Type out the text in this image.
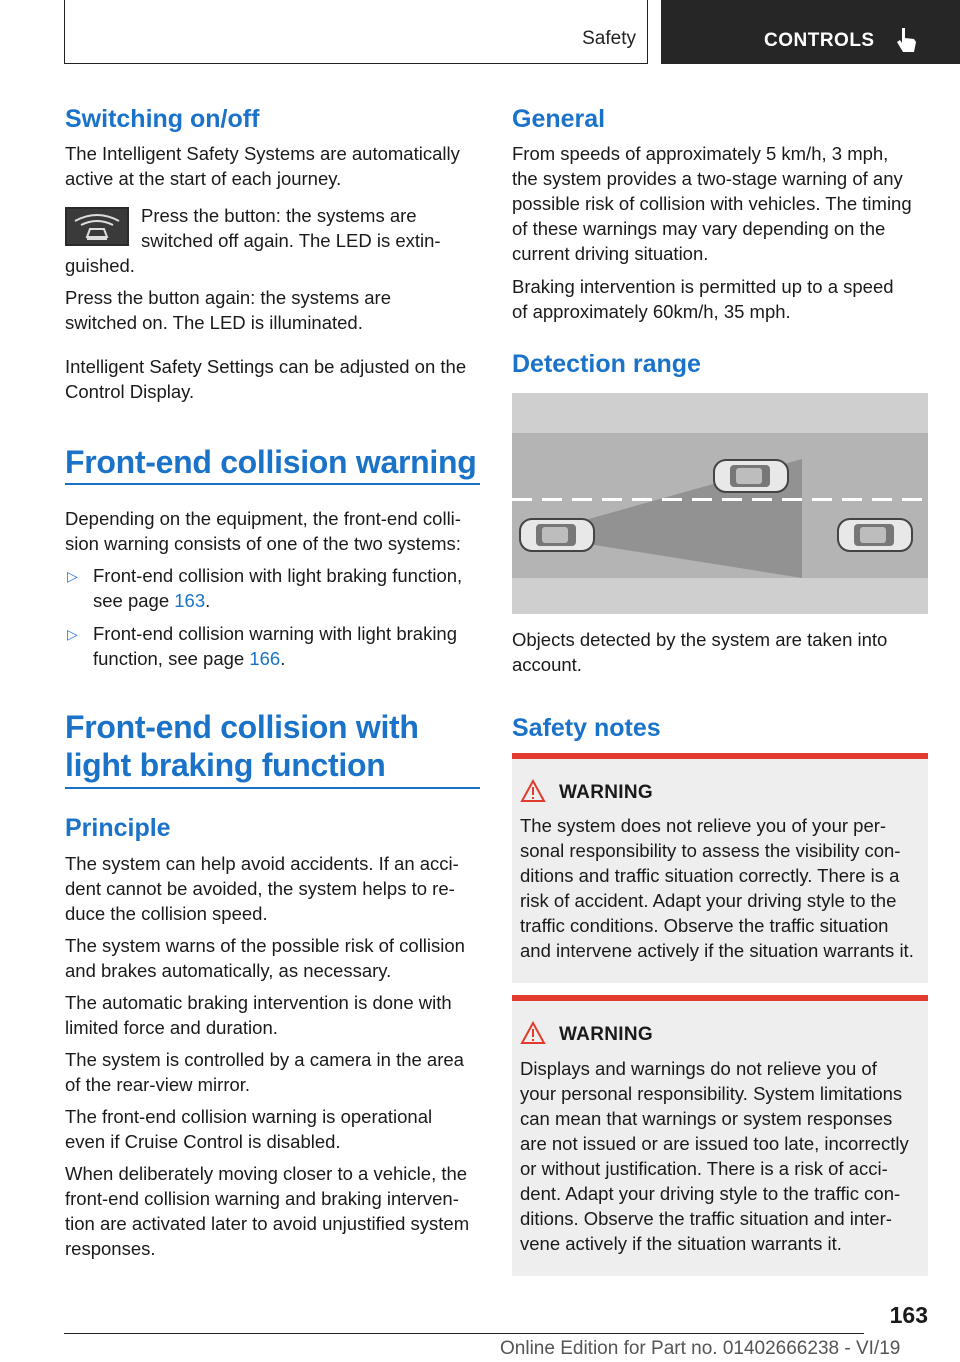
Safety	CONTROLS
Switching on/off
The Intelligent Safety Systems are automatically
active at the start of each journey.
Press the button: the systems are
switched off again. The LED is extin-
guished.
Press the button again: the systems are
switched on. The LED is illuminated.
Intelligent Safety Settings can be adjusted on the
Control Display.
Front-end collision warning
Depending on the equipment, the front-end colli-
sion warning consists of one of the two systems:
▷ Front-end collision with light braking function,
see page 163.
▷ Front-end collision warning with light braking
function, see page 166.
Front-end collision with
light braking function
Principle
The system can help avoid accidents. If an acci-
dent cannot be avoided, the system helps to re-
duce the collision speed.
The system warns of the possible risk of collision
and brakes automatically, as necessary.
The automatic braking intervention is done with
limited force and duration.
The system is controlled by a camera in the area
of the rear-view mirror.
The front-end collision warning is operational
even if Cruise Control is disabled.
When deliberately moving closer to a vehicle, the
front-end collision warning and braking interven-
tion are activated later to avoid unjustified system
responses.
General
From speeds of approximately 5 km/h, 3 mph,
the system provides a two-stage warning of any
possible risk of collision with vehicles. The timing
of these warnings may vary depending on the
current driving situation.
Braking intervention is permitted up to a speed
of approximately 60km/h, 35 mph.
Detection range
Objects detected by the system are taken into
account.
Safety notes
WARNING
The system does not relieve you of your per-
sonal responsibility to assess the visibility con-
ditions and traffic situation correctly. There is a
risk of accident. Adapt your driving style to the
traffic conditions. Observe the traffic situation
and intervene actively if the situation warrants it.
WARNING
Displays and warnings do not relieve you of
your personal responsibility. System limitations
can mean that warnings or system responses
are not issued or are issued too late, incorrectly
or without justification. There is a risk of acci-
dent. Adapt your driving style to the traffic con-
ditions. Observe the traffic situation and inter-
vene actively if the situation warrants it.
163
Online Edition for Part no. 01402666238 - VI/19
